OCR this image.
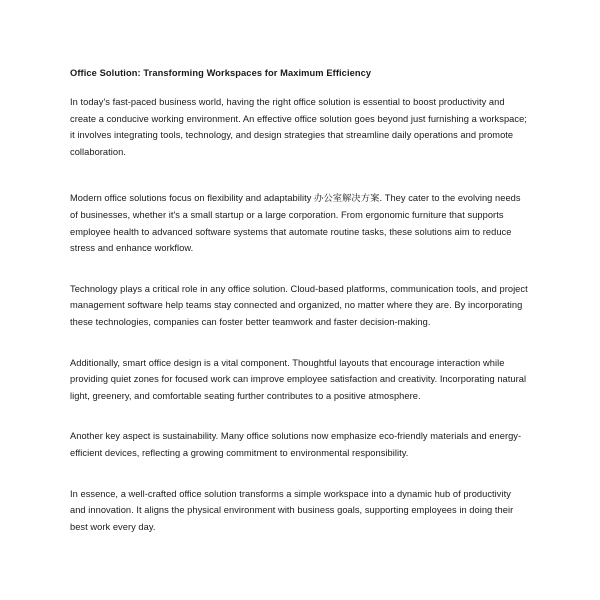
Office Solution: Transforming Workspaces for Maximum Efficiency

In today's fast-paced business world, having the right office solution is essential to boost productivity and create a conducive working environment. An effective office solution goes beyond just furnishing a workspace; it involves integrating tools, technology, and design strategies that streamline daily operations and promote collaboration.

Modern office solutions focus on flexibility and adaptability 办公室解决方案. They cater to the evolving needs of businesses, whether it's a small startup or a large corporation. From ergonomic furniture that supports employee health to advanced software systems that automate routine tasks, these solutions aim to reduce stress and enhance workflow.

Technology plays a critical role in any office solution. Cloud-based platforms, communication tools, and project management software help teams stay connected and organized, no matter where they are. By incorporating these technologies, companies can foster better teamwork and faster decision-making.

Additionally, smart office design is a vital component. Thoughtful layouts that encourage interaction while providing quiet zones for focused work can improve employee satisfaction and creativity. Incorporating natural light, greenery, and comfortable seating further contributes to a positive atmosphere.

Another key aspect is sustainability. Many office solutions now emphasize eco-friendly materials and energy-efficient devices, reflecting a growing commitment to environmental responsibility.

In essence, a well-crafted office solution transforms a simple workspace into a dynamic hub of productivity and innovation. It aligns the physical environment with business goals, supporting employees in doing their best work every day.
